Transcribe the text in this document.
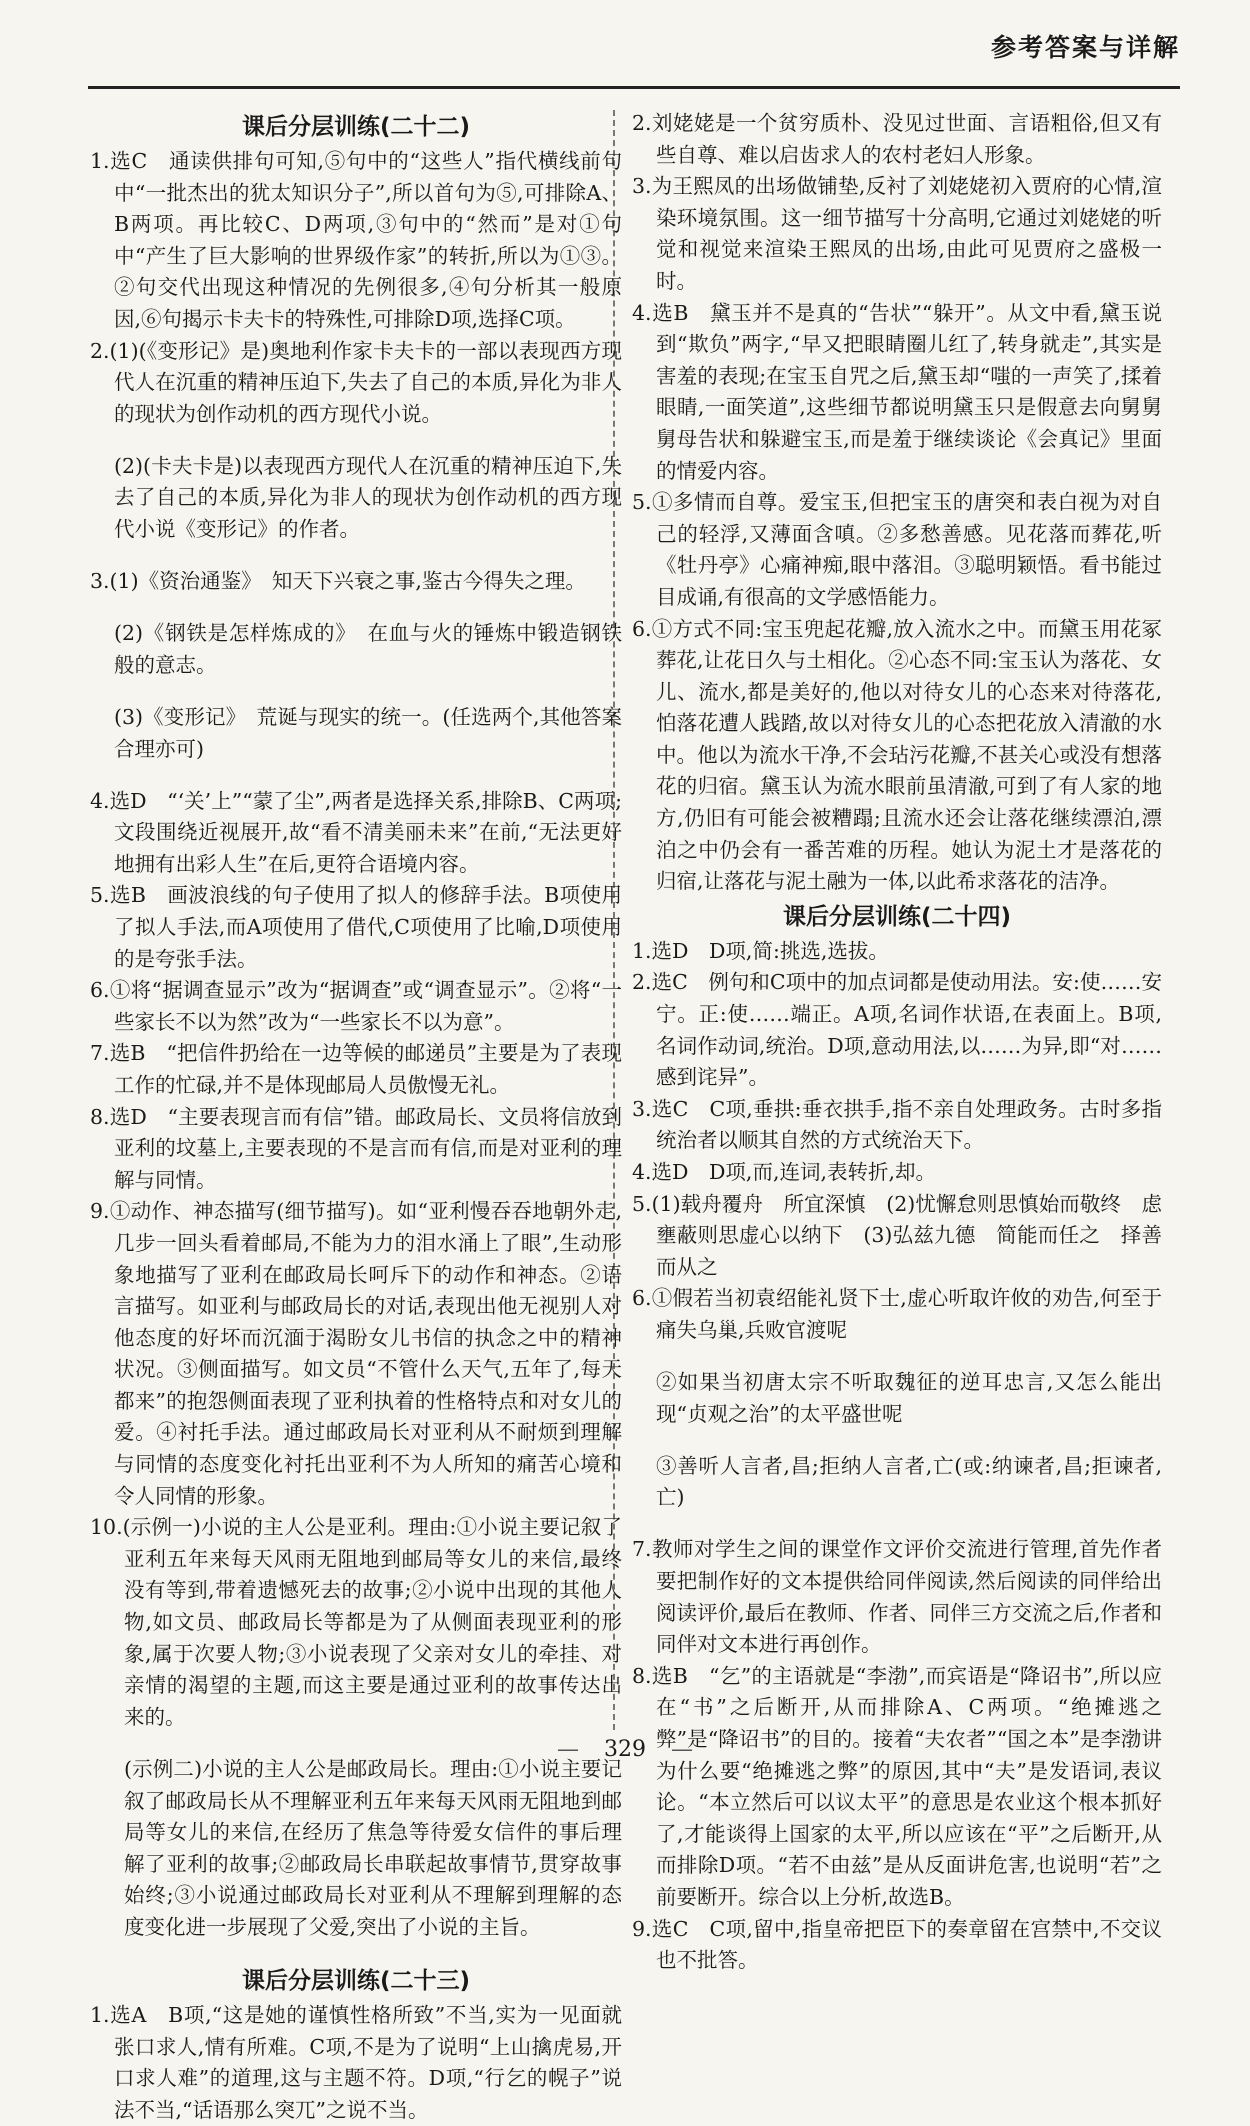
参考答案与详解
课后分层训练(二十二)

1.选C　通读供排句可知,⑤句中的“这些人”指代横线前句中“一批杰出的犹太知识分子”,所以首句为⑤,可排除A、B两项。再比较C、D两项,③句中的“然而”是对①句中“产生了巨大影响的世界级作家”的转折,所以为①③。②句交代出现这种情况的先例很多,④句分析其一般原因,⑥句揭示卡夫卡的特殊性,可排除D项,选择C项。

2.(1)(《变形记》是)奥地利作家卡夫卡的一部以表现西方现代人在沉重的精神压迫下,失去了自己的本质,异化为非人的现状为创作动机的西方现代小说。

(2)(卡夫卡是)以表现西方现代人在沉重的精神压迫下,失去了自己的本质,异化为非人的现状为创作动机的西方现代小说《变形记》的作者。

3.(1)《资治通鉴》　知天下兴衰之事,鉴古今得失之理。

(2)《钢铁是怎样炼成的》　在血与火的锤炼中锻造钢铁般的意志。

(3)《变形记》　荒诞与现实的统一。(任选两个,其他答案合理亦可)

4.选D　“‘关’上”“蒙了尘”,两者是选择关系,排除B、C两项;文段围绕近视展开,故“看不清美丽未来”在前,“无法更好地拥有出彩人生”在后,更符合语境内容。

5.选B　画波浪线的句子使用了拟人的修辞手法。B项使用了拟人手法,而A项使用了借代,C项使用了比喻,D项使用的是夸张手法。

6.①将“据调查显示”改为“据调查”或“调查显示”。②将“一些家长不以为然”改为“一些家长不以为意”。

7.选B　“把信件扔给在一边等候的邮递员”主要是为了表现工作的忙碌,并不是体现邮局人员傲慢无礼。

8.选D　“主要表现言而有信”错。邮政局长、文员将信放到亚利的坟墓上,主要表现的不是言而有信,而是对亚利的理解与同情。

9.①动作、神态描写(细节描写)。如“亚利慢吞吞地朝外走,几步一回头看着邮局,不能为力的泪水涌上了眼”,生动形象地描写了亚利在邮政局长呵斥下的动作和神态。②语言描写。如亚利与邮政局长的对话,表现出他无视别人对他态度的好坏而沉湎于渴盼女儿书信的执念之中的精神状况。③侧面描写。如文员“不管什么天气,五年了,每天都来”的抱怨侧面表现了亚利执着的性格特点和对女儿的爱。④衬托手法。通过邮政局长对亚利从不耐烦到理解与同情的态度变化衬托出亚利不为人所知的痛苦心境和令人同情的形象。

10.(示例一)小说的主人公是亚利。理由:①小说主要记叙了亚利五年来每天风雨无阻地到邮局等女儿的来信,最终没有等到,带着遗憾死去的故事;②小说中出现的其他人物,如文员、邮政局长等都是为了从侧面表现亚利的形象,属于次要人物;③小说表现了父亲对女儿的牵挂、对亲情的渴望的主题,而这主要是通过亚利的故事传达出来的。

(示例二)小说的主人公是邮政局长。理由:①小说主要记叙了邮政局长从不理解亚利五年来每天风雨无阻地到邮局等女儿的来信,在经历了焦急等待爱女信件的事后理解了亚利的故事;②邮政局长串联起故事情节,贯穿故事始终;③小说通过邮政局长对亚利从不理解到理解的态度变化进一步展现了父爱,突出了小说的主旨。

课后分层训练(二十三)

1.选A　B项,“这是她的谨慎性格所致”不当,实为一见面就张口求人,情有所难。C项,不是为了说明“上山擒虎易,开口求人难”的道理,这与主题不符。D项,“行乞的幌子”说法不当,“话语那么突兀”之说不当。

2.刘姥姥是一个贫穷质朴、没见过世面、言语粗俗,但又有些自尊、难以启齿求人的农村老妇人形象。

3.为王熙凤的出场做铺垫,反衬了刘姥姥初入贾府的心情,渲染环境氛围。这一细节描写十分高明,它通过刘姥姥的听觉和视觉来渲染王熙凤的出场,由此可见贾府之盛极一时。

4.选B　黛玉并不是真的“告状”“躲开”。从文中看,黛玉说到“欺负”两字,“早又把眼睛圈儿红了,转身就走”,其实是害羞的表现;在宝玉自咒之后,黛玉却“嗤的一声笑了,揉着眼睛,一面笑道”,这些细节都说明黛玉只是假意去向舅舅舅母告状和躲避宝玉,而是羞于继续谈论《会真记》里面的情爱内容。

5.①多情而自尊。爱宝玉,但把宝玉的唐突和表白视为对自己的轻浮,又薄面含嗔。②多愁善感。见花落而葬花,听《牡丹亭》心痛神痴,眼中落泪。③聪明颖悟。看书能过目成诵,有很高的文学感悟能力。

6.①方式不同:宝玉兜起花瓣,放入流水之中。而黛玉用花冢葬花,让花日久与土相化。②心态不同:宝玉认为落花、女儿、流水,都是美好的,他以对待女儿的心态来对待落花,怕落花遭人践踏,故以对待女儿的心态把花放入清澈的水中。他以为流水干净,不会玷污花瓣,不甚关心或没有想落花的归宿。黛玉认为流水眼前虽清澈,可到了有人家的地方,仍旧有可能会被糟蹋;且流水还会让落花继续漂泊,漂泊之中仍会有一番苦难的历程。她认为泥土才是落花的归宿,让落花与泥土融为一体,以此希求落花的洁净。

课后分层训练(二十四)

1.选D　D项,简:挑选,选拔。

2.选C　例句和C项中的加点词都是使动用法。安:使……安宁。正:使……端正。A项,名词作状语,在表面上。B项,名词作动词,统治。D项,意动用法,以……为异,即“对……感到诧异”。

3.选C　C项,垂拱:垂衣拱手,指不亲自处理政务。古时多指统治者以顺其自然的方式统治天下。

4.选D　D项,而,连词,表转折,却。

5.(1)载舟覆舟　所宜深慎　(2)忧懈怠则思慎始而敬终　虑壅蔽则思虚心以纳下　(3)弘兹九德　简能而任之　择善而从之

6.①假若当初袁绍能礼贤下士,虚心听取许攸的劝告,何至于痛失乌巢,兵败官渡呢

②如果当初唐太宗不听取魏征的逆耳忠言,又怎么能出现“贞观之治”的太平盛世呢

③善听人言者,昌;拒纳人言者,亡(或:纳谏者,昌;拒谏者,亡)

7.教师对学生之间的课堂作文评价交流进行管理,首先作者要把制作好的文本提供给同伴阅读,然后阅读的同伴给出阅读评价,最后在教师、作者、同伴三方交流之后,作者和同伴对文本进行再创作。

8.选B　“乞”的主语就是“李渤”,而宾语是“降诏书”,所以应在“书”之后断开,从而排除A、C两项。“绝摊逃之弊”是“降诏书”的目的。接着“夫农者”“国之本”是李渤讲为什么要“绝摊逃之弊”的原因,其中“夫”是发语词,表议论。“本立然后可以议太平”的意思是农业这个根本抓好了,才能谈得上国家的太平,所以应该在“平”之后断开,从而排除D项。“若不由兹”是从反面讲危害,也说明“若”之前要断开。综合以上分析,故选B。

9.选C　C项,留中,指皇帝把臣下的奏章留在宫禁中,不交议也不批答。

— 329 —
